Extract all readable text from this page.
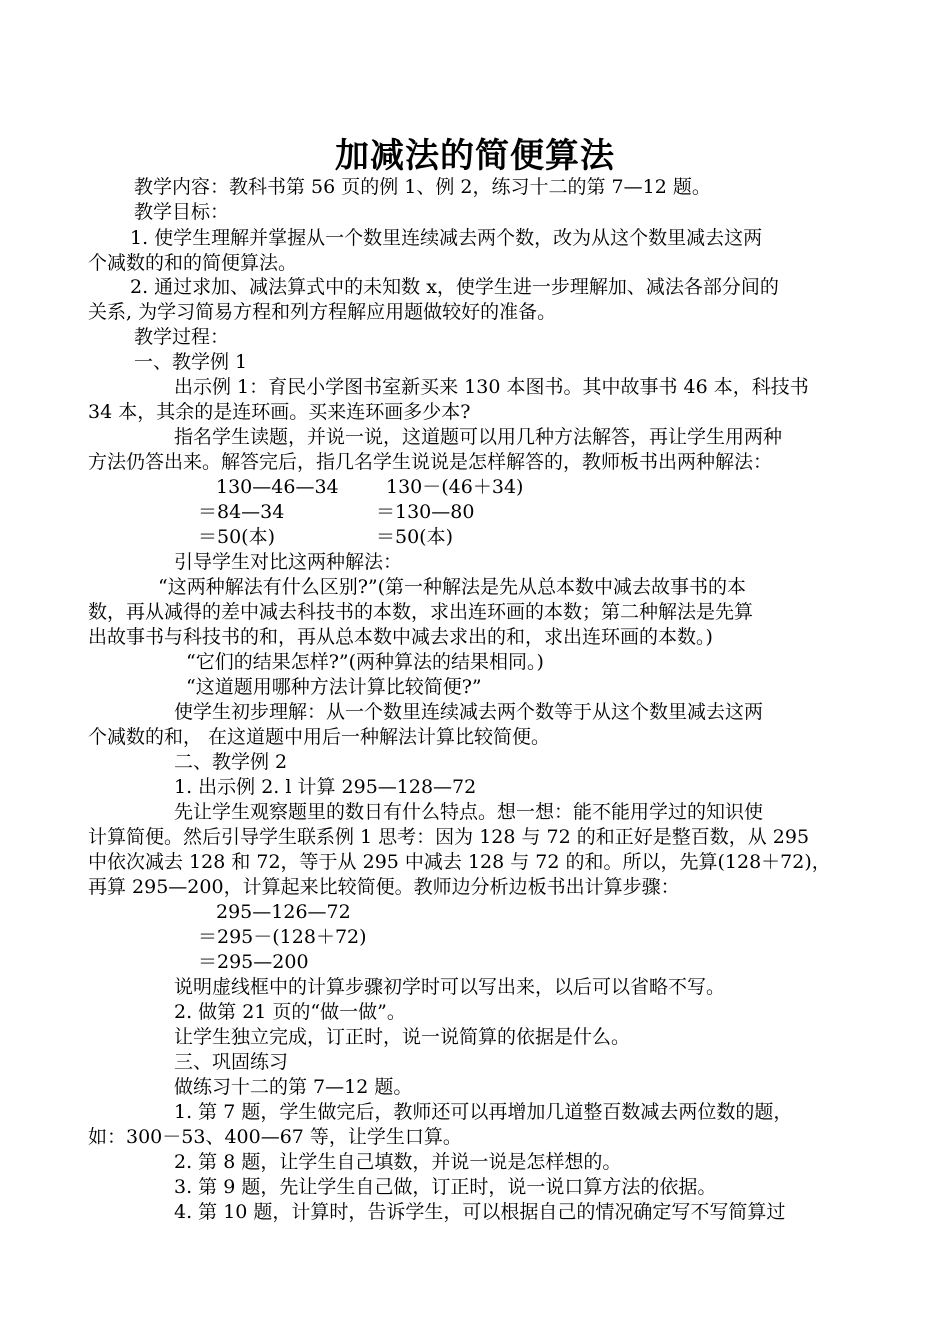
加减法的简便算法
教学内容：教科书第 56 页的例 1、例 2，练习十二的第 7—12 题。
教学目标：
1. 使学生理解并掌握从一个数里连续减去两个数，改为从这个数里减去这两
个减数的和的简便算法。
2. 通过求加、减法算式中的未知数 x，使学生进一步理解加、减法各部分间的
关系, 为学习简易方程和列方程解应用题做较好的准备。
教学过程：
一、教学例 1
出示例 1：育民小学图书室新买来 130 本图书。其中故事书 46 本，科技书
34 本，其余的是连环画。买来连环画多少本?
指名学生读题，并说一说，这道题可以用几种方法解答，再让学生用两种
方法仍答出来。解答完后，指几名学生说说是怎样解答的，教师板书出两种解法：
130—46—34 130－(46＋34)
＝84—34	＝130—80
＝50(本)	＝50(本)
引导学生对比这两种解法：
“这两种解法有什么区别?”(第一种解法是先从总本数中减去故事书的本
数，再从减得的差中减去科技书的本数，求出连环画的本数；第二种解法是先算
出故事书与科技书的和，再从总本数中减去求出的和，求出连环画的本数。)
“它们的结果怎样?”(两种算法的结果相同。)
“这道题用哪种方法计算比较简便?”
使学生初步理解：从一个数里连续减去两个数等于从这个数里减去这两
个减数的和， 在这道题中用后一种解法计算比较简便。
二、教学例 2
1. 出示例 2. l 计算 295—128—72
先让学生观察题里的数日有什么特点。想一想：能不能用学过的知识使
计算简便。然后引导学生联系例 1 思考：因为 128 与 72 的和正好是整百数，从 295
中依次减去 128 和 72，等于从 295 中减去 128 与 72 的和。所以，先算(128＋72)，
再算 295—200，计算起来比较简便。教师边分析边板书出计算步骤：
295—126—72
＝295－(128＋72)
＝295—200
说明虚线框中的计算步骤初学时可以写出来，以后可以省略不写。
2. 做第 21 页的“做一做”。
让学生独立完成，订正时，说一说简算的依据是什么。
三、巩固练习
做练习十二的第 7—12 题。
1. 第 7 题，学生做完后，教师还可以再增加几道整百数减去两位数的题，
如：300－53、400—67 等，让学生口算。
2. 第 8 题，让学生自己填数，并说一说是怎样想的。
3. 第 9 题，先让学生自己做，订正时，说一说口算方法的依据。
4. 第 10 题，计算时，告诉学生，可以根据自己的情况确定写不写简算过
